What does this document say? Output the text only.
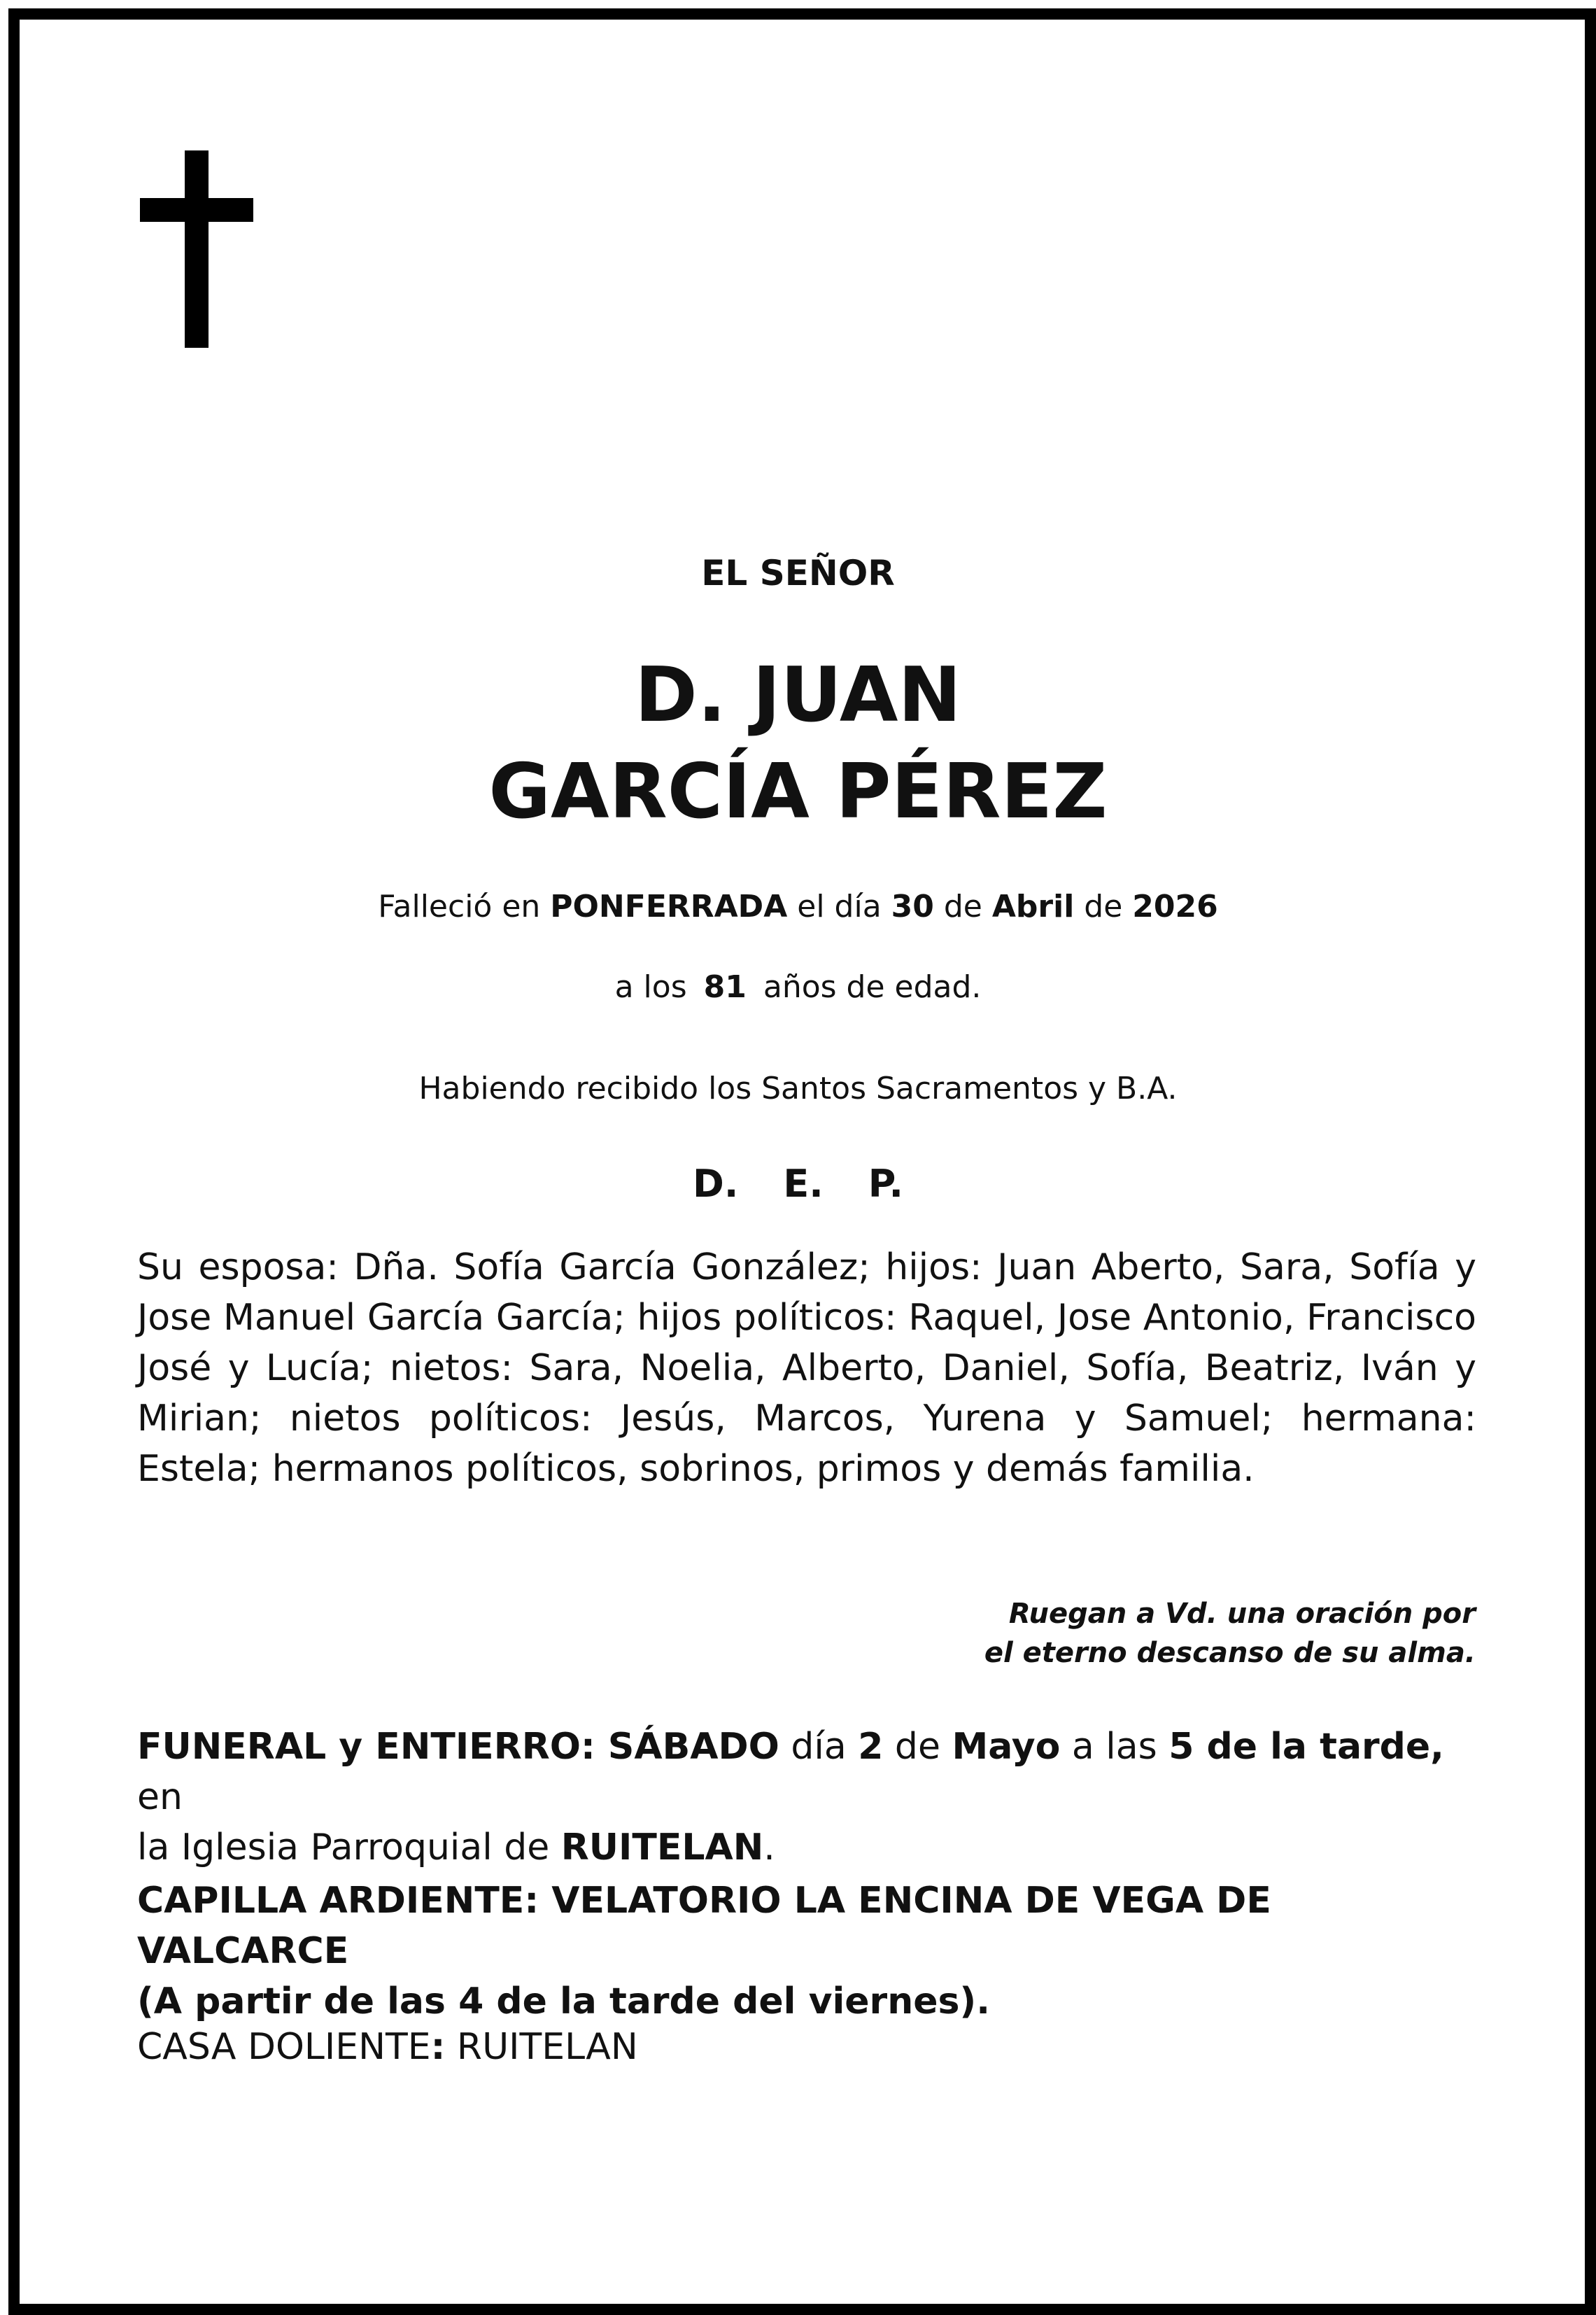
EL SEÑOR
D. JUAN
GARCÍA PÉREZ
Falleció en PONFERRADA el día 30 de Abril de 2026
a los 81 años de edad.
Habiendo recibido los Santos Sacramentos y B.A.
D. E. P.
Su esposa: Dña. Sofía García González; hijos: Juan Aberto, Sara, Sofía y Jose Manuel García García; hijos políticos: Raquel, Jose Antonio, Francisco José y Lucía; nietos: Sara, Noelia, Alberto, Daniel, Sofía, Beatriz, Iván y Mirian; nietos políticos: Jesús, Marcos, Yurena y Samuel; hermana: Estela; hermanos políticos, sobrinos, primos y demás familia.
Ruegan a Vd. una oración por
el eterno descanso de su alma.
FUNERAL y ENTIERRO: SÁBADO día 2 de Mayo a las 5 de la tarde, en
la Iglesia Parroquial de RUITELAN.
CAPILLA ARDIENTE: VELATORIO LA ENCINA DE VEGA DE VALCARCE
(A partir de las 4 de la tarde del viernes).
CASA DOLIENTE: RUITELAN
